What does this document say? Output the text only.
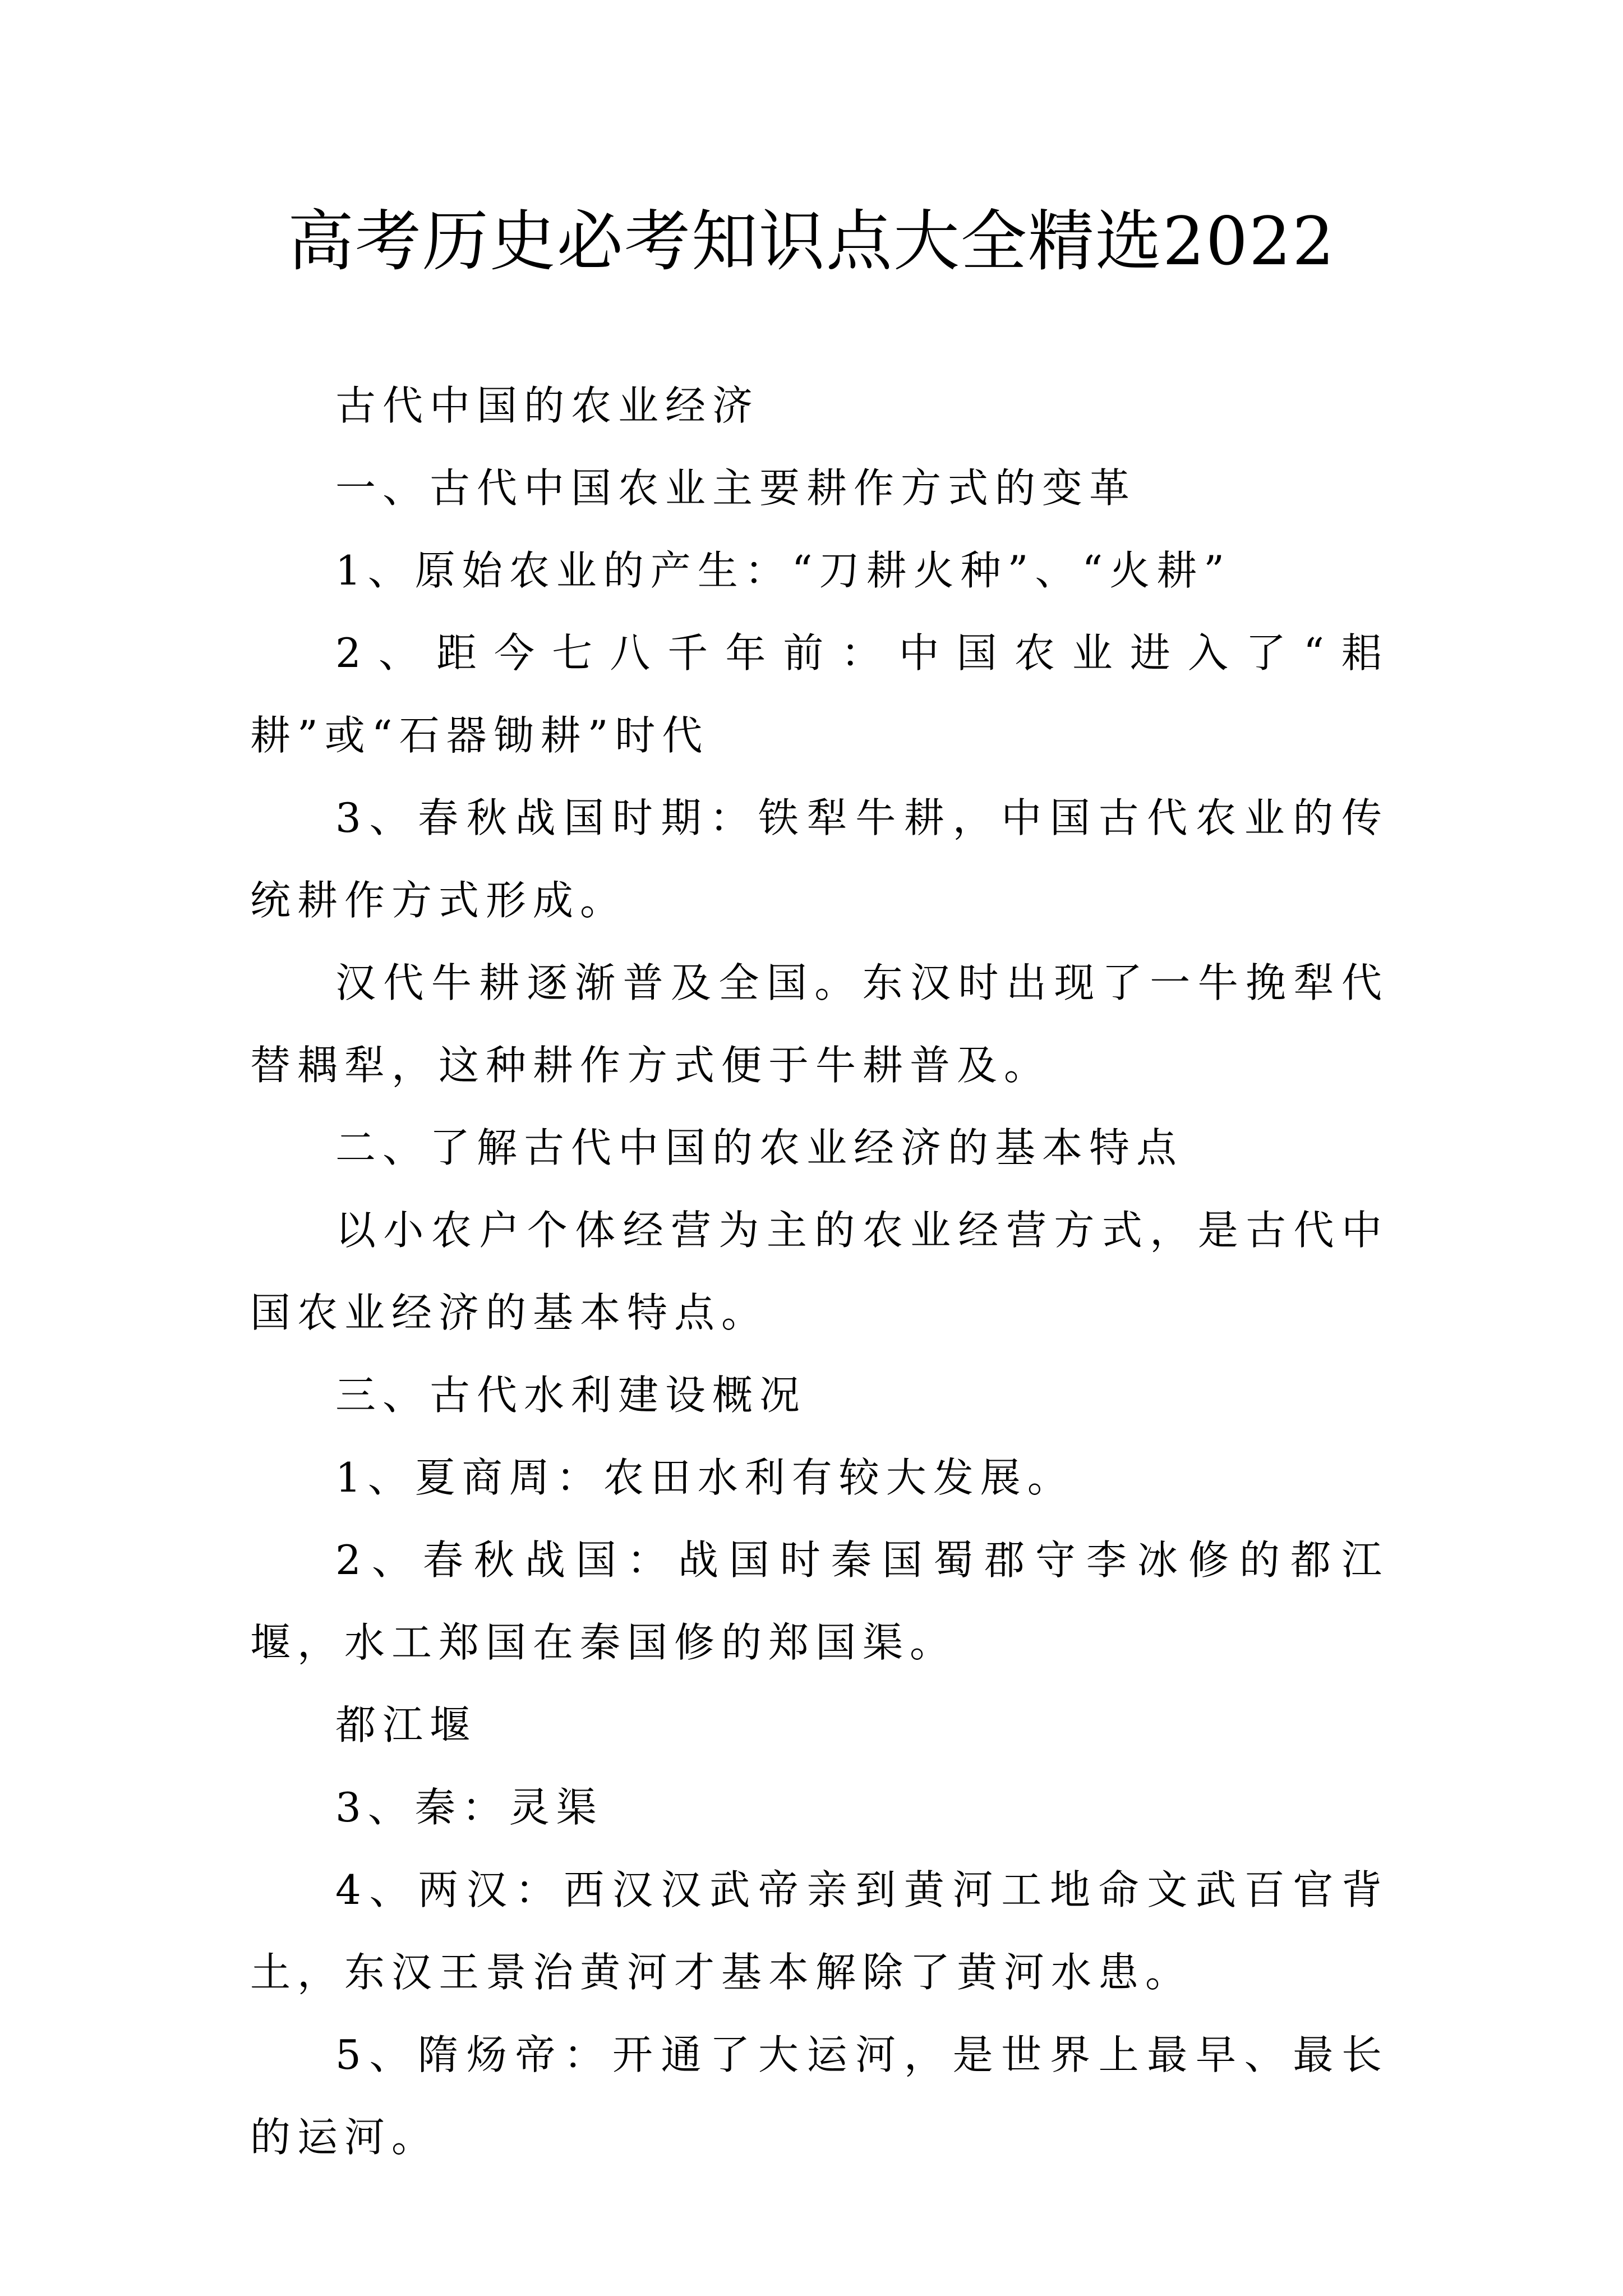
高考历史必考知识点大全精选2022

古代中国的农业经济

一、古代中国农业主要耕作方式的变革

1、原始农业的产生：“刀耕火种”、“火耕”

2、距今七八千年前：中国农业进入了“耜耕”或“石器锄耕”时代

3、春秋战国时期：铁犁牛耕，中国古代农业的传统耕作方式形成。

汉代牛耕逐渐普及全国。东汉时出现了一牛挽犁代替耦犁，这种耕作方式便于牛耕普及。

二、了解古代中国的农业经济的基本特点

以小农户个体经营为主的农业经营方式，是古代中国农业经济的基本特点。

三、古代水利建设概况

1、夏商周：农田水利有较大发展。

2、春秋战国：战国时秦国蜀郡守李冰修的都江堰，水工郑国在秦国修的郑国渠。

都江堰

3、秦：灵渠

4、两汉：西汉汉武帝亲到黄河工地命文武百官背土，东汉王景治黄河才基本解除了黄河水患。

5、隋炀帝：开通了大运河，是世界上最早、最长的运河。
